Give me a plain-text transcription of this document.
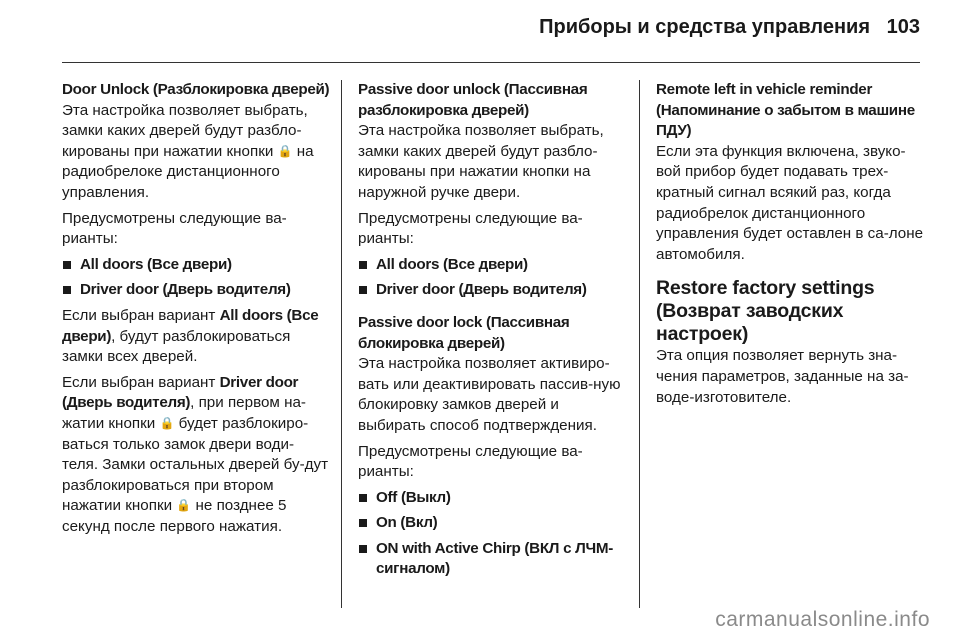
Приборы и средства управления 103
Door Unlock (Разблокировка дверей)

Эта настройка позволяет выбрать, замки каких дверей будут разбло-кированы при нажатии кнопки 🔒 на радиобрелоке дистанционного управления.

Предусмотрены следующие ва-рианты:

All doors (Все двери)
Driver door (Дверь водителя)

Если выбран вариант All doors (Все двери), будут разблокироваться замки всех дверей.

Если выбран вариант Driver door (Дверь водителя), при первом на-жатии кнопки 🔒 будет разблокиро-ваться только замок двери води-теля. Замки остальных дверей бу-дут разблокироваться при втором нажатии кнопки 🔒 не позднее 5 секунд после первого нажатия.

Passive door unlock (Пассивная разблокировка дверей)

Эта настройка позволяет выбрать, замки каких дверей будут разбло-кированы при нажатии кнопки на наружной ручке двери.

Предусмотрены следующие ва-рианты:

All doors (Все двери)
Driver door (Дверь водителя)
Passive door lock (Пассивная блокировка дверей)

Эта настройка позволяет активиро-вать или деактивировать пассив-ную блокировку замков дверей и выбирать способ подтверждения.

Предусмотрены следующие ва-рианты:

Off (Выкл)
On (Вкл)
ON with Active Chirp (ВКЛ с ЛЧМ-сигналом)
Remote left in vehicle reminder (Напоминание о забытом в машине ПДУ)

Если эта функция включена, звуко-вой прибор будет подавать трех-кратный сигнал всякий раз, когда радиобрелок дистанционного управления будет оставлен в са-лоне автомобиля.

Restore factory settings (Возврат заводских настроек)

Эта опция позволяет вернуть зна-чения параметров, заданные на за-воде-изготовителе.

carmanualsonline.info
